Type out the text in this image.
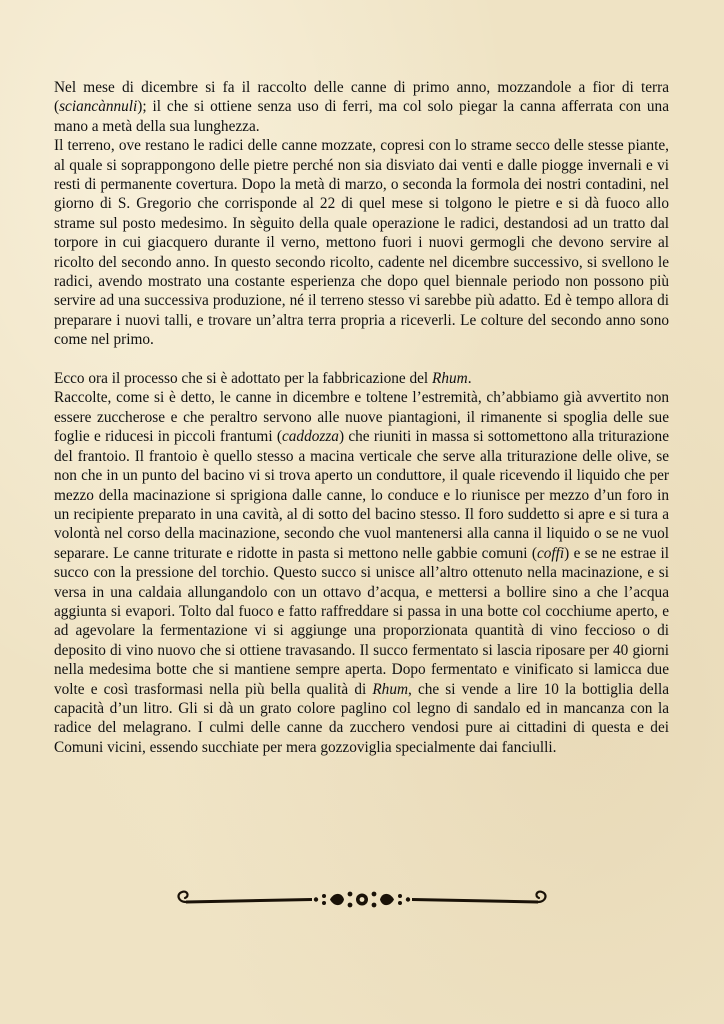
Nel mese di dicembre si fa il raccolto delle canne di primo anno, mozzandole a fior di terra (sciancànnuli); il che si ottiene senza uso di ferri, ma col solo piegar la canna afferrata con una mano a metà della sua lunghezza.

Il terreno, ove restano le radici delle canne mozzate, copresi con lo strame secco delle stesse piante, al quale si soprappongono delle pietre perché non sia disviato dai venti e dalle piogge invernali e vi resti di permanente covertura. Dopo la metà di marzo, o seconda la formola dei nostri contadini, nel giorno di S. Gregorio che corrisponde al 22 di quel mese si tolgono le pietre e si dà fuoco allo strame sul posto medesimo. In sèguito della quale operazione le radici, destandosi ad un tratto dal torpore in cui giacquero durante il verno, mettono fuori i nuovi germogli che devono servire al ricolto del secondo anno. In questo secondo ricolto, cadente nel dicembre successivo, si svellono le radici, avendo mostrato una costante esperienza che dopo quel biennale periodo non possono più servire ad una successiva produzione, né il terreno stesso vi sarebbe più adatto. Ed è tempo allora di preparare i nuovi talli, e trovare un’altra terra propria a riceverli. Le colture del secondo anno sono come nel primo.

Ecco ora il processo che si è adottato per la fabbricazione del Rhum.

Raccolte, come si è detto, le canne in dicembre e toltene l’estremità, ch’abbiamo già avvertito non essere zuccherose e che peraltro servono alle nuove piantagioni, il rimanente si spoglia delle sue foglie e riducesi in piccoli frantumi (caddozza) che riuniti in massa si sottomettono alla triturazione del frantoio. Il frantoio è quello stesso a macina verticale che serve alla triturazione delle olive, se non che in un punto del bacino vi si trova aperto un conduttore, il quale ricevendo il liquido che per mezzo della macinazione si sprigiona dalle canne, lo conduce e lo riunisce per mezzo d’un foro in un recipiente preparato in una cavità, al di sotto del bacino stesso. Il foro suddetto si apre e si tura a volontà nel corso della macinazione, secondo che vuol mantenersi alla canna il liquido o se ne vuol separare. Le canne triturate e ridotte in pasta si mettono nelle gabbie comuni (coffi) e se ne estrae il succo con la pressione del torchio. Questo succo si unisce all’altro ottenuto nella macinazione, e si versa in una caldaia allungandolo con un ottavo d’acqua, e mettersi a bollire sino a che l’acqua aggiunta si evapori. Tolto dal fuoco e fatto raffreddare si passa in una botte col cocchiume aperto, e ad agevolare la fermentazione vi si aggiunge una proporzionata quantità di vino feccioso o di deposito di vino nuovo che si ottiene travasando. Il succo fermentato si lascia riposare per 40 giorni nella medesima botte che si mantiene sempre aperta. Dopo fermentato e vinificato si lamicca due volte e così trasformasi nella più bella qualità di Rhum, che si vende a lire 10 la bottiglia della capacità d’un litro. Gli si dà un grato colore paglino col legno di sandalo ed in mancanza con la radice del melagrano. I culmi delle canne da zucchero vendosi pure ai cittadini di questa e dei Comuni vicini, essendo succhiate per mera gozzoviglia specialmente dai fanciulli.
